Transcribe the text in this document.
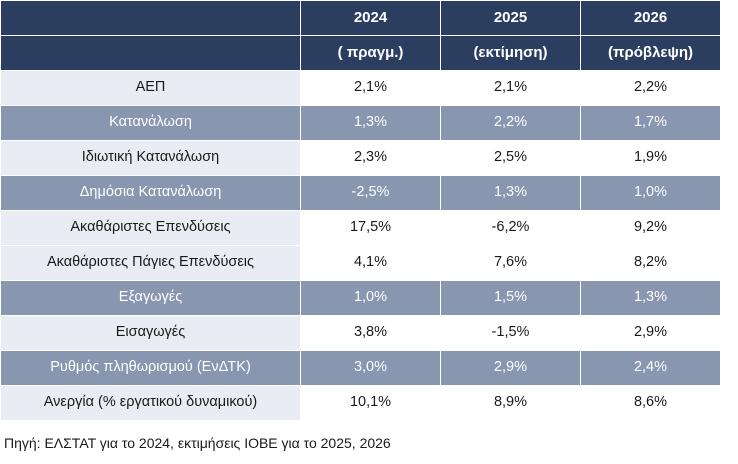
	2024	2025	2026
	( πραγμ.)	(εκτίμηση)	(πρόβλεψη)
ΑΕΠ	2,1%	2,1%	2,2%
Κατανάλωση	1,3%	2,2%	1,7%
Ιδιωτική Κατανάλωση	2,3%	2,5%	1,9%
Δημόσια Κατανάλωση	-2,5%	1,3%	1,0%
Ακαθάριστες Επενδύσεις	17,5%	-6,2%	9,2%
Ακαθάριστες Πάγιες Επενδύσεις	4,1%	7,6%	8,2%
Εξαγωγές	1,0%	1,5%	1,3%
Εισαγωγές	3,8%	-1,5%	2,9%
Ρυθμός πληθωρισμού (ΕνΔΤΚ)	3,0%	2,9%	2,4%
Ανεργία (% εργατικού δυναμικού)	10,1%	8,9%	8,6%
Πηγή: ΕΛΣΤΑΤ για το 2024, εκτιμήσεις ΙΟΒΕ για το 2025, 2026
